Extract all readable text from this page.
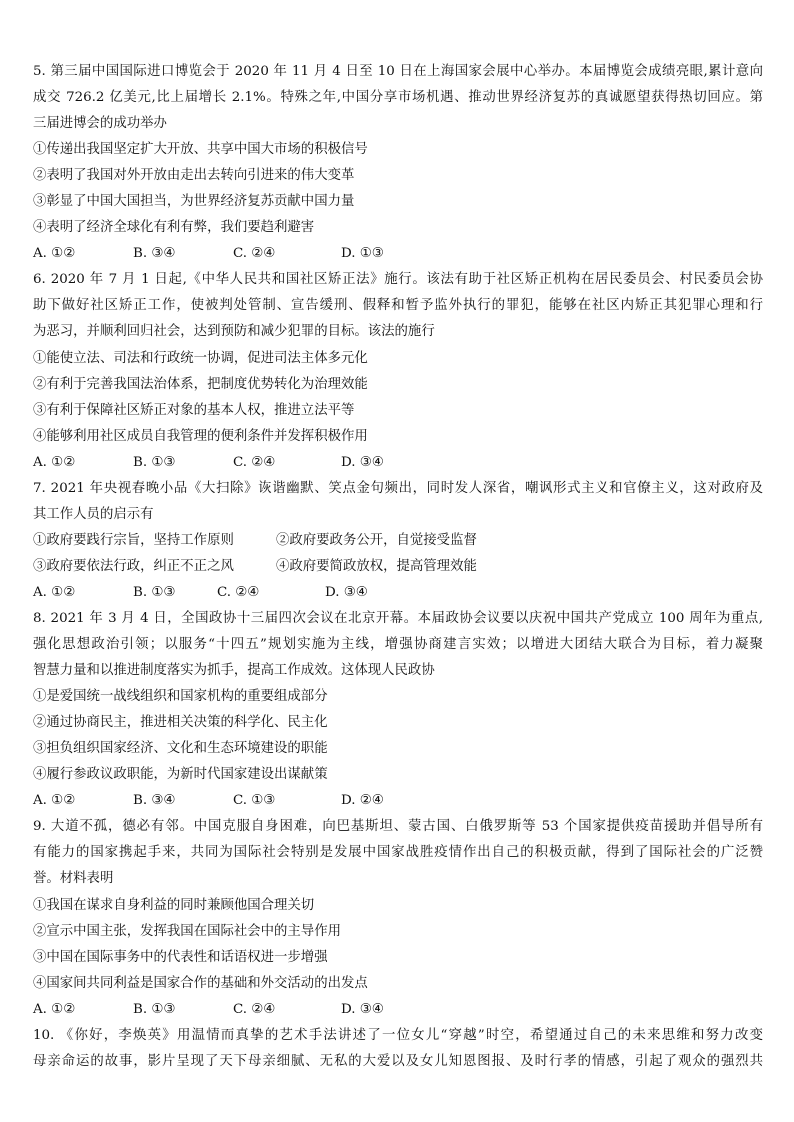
5. 第三届中国国际进口博览会于 2020 年 11 月 4 日至 10 日在上海国家会展中心举办。本届博览会成绩亮眼,累计意向
成交 726.2 亿美元,比上届增长 2.1%。特殊之年,中国分享市场机遇、推动世界经济复苏的真诚愿望获得热切回应。第
三届进博会的成功举办
①传递出我国坚定扩大开放、共享中国大市场的积极信号
②表明了我国对外开放由走出去转向引进来的伟大变革
③彰显了中国大国担当，为世界经济复苏贡献中国力量
④表明了经济全球化有利有弊，我们要趋利避害
A. ①②	B. ③④	C. ②④	D. ①③
6. 2020 年 7 月 1 日起,《中华人民共和国社区矫正法》施行。该法有助于社区矫正机构在居民委员会、村民委员会协
助下做好社区矫正工作，使被判处管制、宣告缓刑、假释和暂予监外执行的罪犯，能够在社区内矫正其犯罪心理和行
为恶习，并顺利回归社会，达到预防和减少犯罪的目标。该法的施行
①能使立法、司法和行政统一协调，促进司法主体多元化
②有利于完善我国法治体系，把制度优势转化为治理效能
③有利于保障社区矫正对象的基本人权，推进立法平等
④能够利用社区成员自我管理的便利条件并发挥积极作用
A. ①②	B. ①③	C. ②④	D. ③④
7. 2021 年央视春晚小品《大扫除》诙谐幽默、笑点金句频出，同时发人深省，嘲讽形式主义和官僚主义，这对政府及
其工作人员的启示有
①政府要践行宗旨，坚持工作原则	②政府要政务公开，自觉接受监督
③政府要依法行政，纠正不正之风	④政府要简政放权，提高管理效能
A. ①②	B. ①③	C. ②④	D. ③④
8. 2021 年 3 月 4 日，全国政协十三届四次会议在北京开幕。本届政协会议要以庆祝中国共产党成立 100 周年为重点,
强化思想政治引领；以服务“十四五”规划实施为主线，增强协商建言实效；以增进大团结大联合为目标，着力凝聚
智慧力量和以推进制度落实为抓手，提高工作成效。这体现人民政协
①是爱国统一战线组织和国家机构的重要组成部分
②通过协商民主，推进相关决策的科学化、民主化
③担负组织国家经济、文化和生态环境建设的职能
④履行参政议政职能，为新时代国家建设出谋献策
A. ①②	B. ③④	C. ①③	D. ②④
9. 大道不孤，德必有邻。中国克服自身困难，向巴基斯坦、蒙古国、白俄罗斯等 53 个国家提供疫苗援助并倡导所有
有能力的国家携起手来，共同为国际社会特别是发展中国家战胜疫情作出自己的积极贡献，得到了国际社会的广泛赞
誉。材料表明
①我国在谋求自身利益的同时兼顾他国合理关切
②宣示中国主张，发挥我国在国际社会中的主导作用
③中国在国际事务中的代表性和话语权进一步增强
④国家间共同利益是国家合作的基础和外交活动的出发点
A. ①②	B. ①③	C. ②④	D. ③④
10. 《你好，李焕英》用温情而真挚的艺术手法讲述了一位女儿“穿越”时空，希望通过自己的未来思维和努力改变
母亲命运的故事，影片呈现了天下母亲细腻、无私的大爱以及女儿知恩图报、及时行孝的情感，引起了观众的强烈共
